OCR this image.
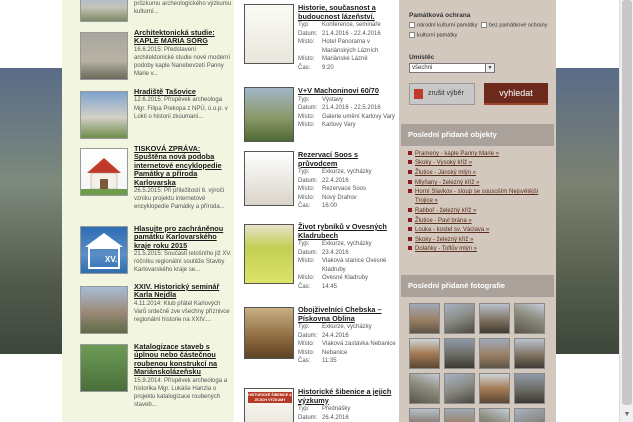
průzkumu archeologického výzkumu kulturní...
Architektonická studie: KAPLE MARIA SORG
16.6.2015: Představení architektonické studie nové moderní podoby kaple Nanebevzetí Panny Marie v...
Hradiště Tašovice
12.6.2015: Příspěvek archeologa Mgr. Filipa Prekopa z NPÚ, ú.o.p. v Lokti o historii zkoumaní...
TISKOVÁ ZPRÁVA: Spuštěna nová podoba internetové encyklopedie Památky a příroda Karlovarska
26.5.2015: Při příležitosti 6. výročí vzniku projektu internetové encyklopedie Památky a příroda...
XV.
Hlasujte pro zachráněnou památku Karlovarského kraje roku 2015
21.5.2015: Součástí letošního již XV. ročníku regionální soutěže Stavby Karlovarského kraje se...
XXIV. Historický seminář Karla Nejdla
4.11.2014: Klub přátel Karlových Varů srdečně zve všechny příznivce regionální historie na XXIV....
Katalogizace staveb s úplnou nebo částečnou roubenou konstrukcí na Mariánskolázeňsku
15.9.2014: Příspěvek archeologa a historika Mgr. Lukáše Hanzla o projektu katalogizace roubených staveb...
Historie, současnost a budoucnost lázeňství.
Typ:	Konference, semináře
Datum: 21.4.2016 - 22.4.2016
Místo:	Hotel Panorama v Mariánských Lázních
Místo:	Mariánské Lázně
Čas:	9:20
V+V Machoninovi 60/70
Typ:	Výstavy
Datum: 21.4.2016 - 22.5.2016
Místo:	Galerie umění Karlovy Vary
Místo:	Karlovy Vary
Rezervací Soos s průvodcem
Typ:	Exkurze, vycházky
Datum: 22.4.2016
Místo:	Rezervace Soos
Místo:	Nový Drahov
Čas:	16:00
Život rybníků v Ovesných Kladrubech
Typ:	Exkurze, vycházky
Datum: 23.4.2016
Místo:	Vlaková stanice Ovesné Kladruby
Místo:	Ovesné Kladruby
Čas:	14:45
Obojživelníci Chebska – Pískovna Oblina
Typ:	Exkurze, vycházky
Datum: 24.4.2016
Místo:	Vlaková zastávka Nebanice
Místo:	Nebanice
Čas:	11:35
HISTORICKÉ ŠIBENICE A JEJICH VÝZKUMY
Historické šibenice a jejich výzkumy
Typ:	Přednášky
Datum: 26.4.2016
Památková ochrana
národní kulturní památky	bez památkové ochrany
kulturní památky
Umístěc
všechni	▼
zrušit výběr	vyhledat
Poslední přidané objekty
Prameny - kaple Panny Marie »
Skoky - Vysoký kříž »
Žlutice - Jánský mlýn »
Mlyňany - železný kříž »
Horní Slavkov - sloup se sousoším Nejsvětější
Trojice »
Ratiboř - železný kříž »
Žlutice - Pavl brána »
Louka - kostel sv. Václava »
Skoky - železný kříž »
Doláňky - Toflův mlýn »
Poslední přidané fotografie
▼
